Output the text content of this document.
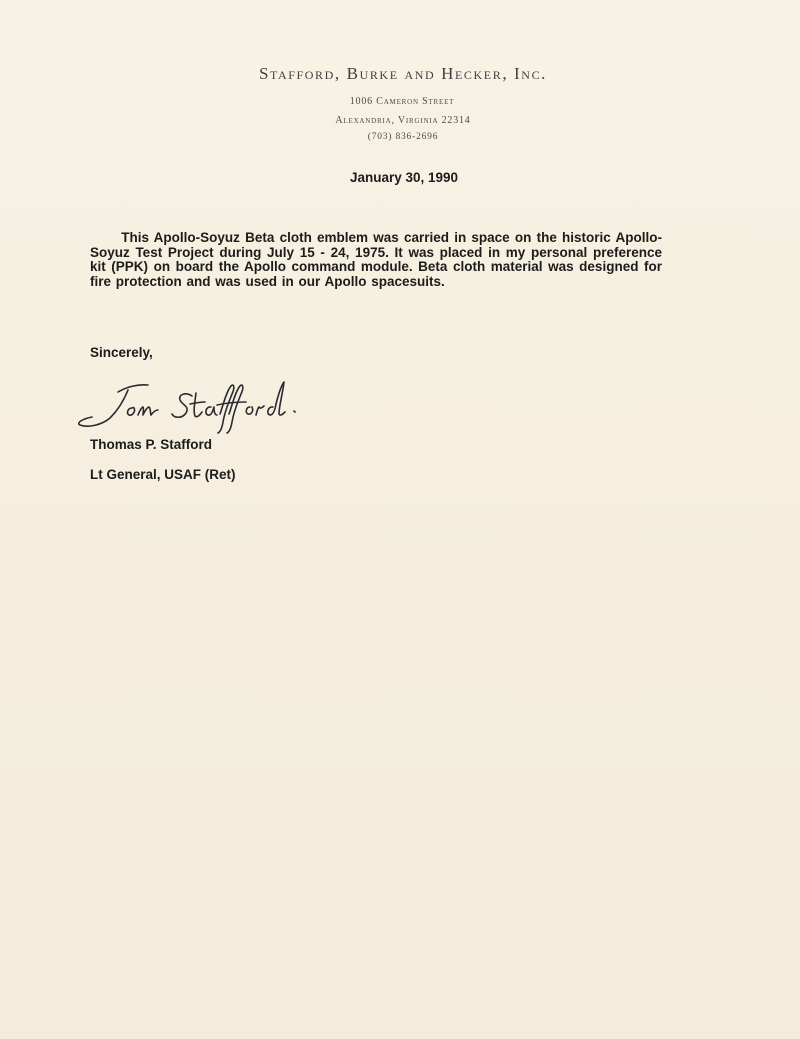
Stafford, Burke and Hecker, Inc.
1006 Cameron Street
Alexandria, Virginia 22314
(703) 836-2696
January 30, 1990

This Apollo-Soyuz Beta cloth emblem was carried in space on the historic Apollo-Soyuz Test Project during July 15 - 24, 1975. It was placed in my personal preference kit (PPK) on board the Apollo command module. Beta cloth material was designed for fire protection and was used in our Apollo spacesuits.

Sincerely,
Thomas P. Stafford
Lt General, USAF (Ret)
